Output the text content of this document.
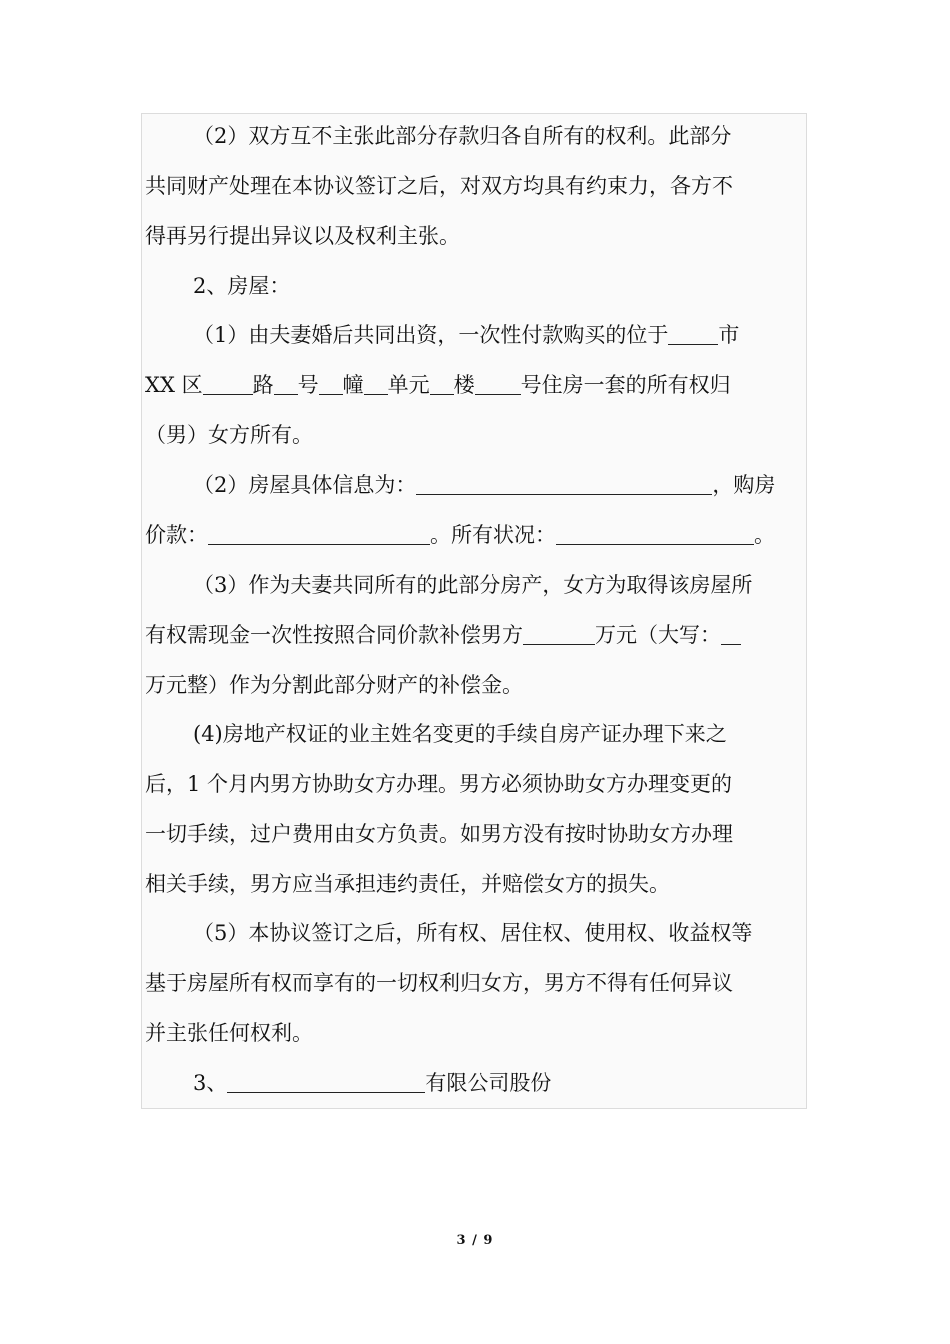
（2）双方互不主张此部分存款归各自所有的权利。此部分
共同财产处理在本协议签订之后，对双方均具有约束力，各方不
得再另行提出异议以及权利主张。
2、房屋：
（1）由夫妻婚后共同出资，一次性付款购买的位于 市
XX 区 路 号 幢 单元 楼 号住房一套的所有权归
（男）女方所有。
（2）房屋具体信息为：	，购房
价款：	。所有状况：	。
（3）作为夫妻共同所有的此部分房产，女方为取得该房屋所
有权需现金一次性按照合同价款补偿男方	万元（大写：
万元整）作为分割此部分财产的补偿金。
(4)房地产权证的业主姓名变更的手续自房产证办理下来之
后，1 个月内男方协助女方办理。男方必须协助女方办理变更的
一切手续，过户费用由女方负责。如男方没有按时协助女方办理
相关手续，男方应当承担违约责任，并赔偿女方的损失。
（5）本协议签订之后，所有权、居住权、使用权、收益权等
基于房屋所有权而享有的一切权利归女方，男方不得有任何异议
并主张任何权利。
3、	有限公司股份
3 / 9
